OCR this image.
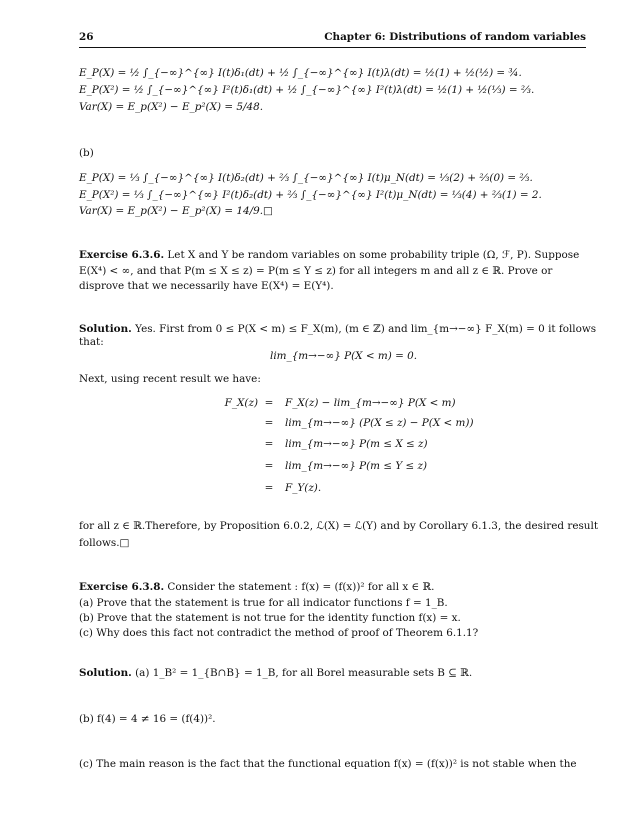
26	Chapter 6: Distributions of random variables
E_P(X) = ½ ∫_{−∞}^{∞} I(t)δ₁(dt) + ½ ∫_{−∞}^{∞} I(t)λ(dt) = ½(1) + ½(½) = ¾.
E_P(X²) = ½ ∫_{−∞}^{∞} I²(t)δ₁(dt) + ½ ∫_{−∞}^{∞} I²(t)λ(dt) = ½(1) + ½(⅓) = ⅔.
Var(X) = E_p(X²) − E_p²(X) = 5/48.
(b)
E_P(X) = ⅓ ∫_{−∞}^{∞} I(t)δ₂(dt) + ⅔ ∫_{−∞}^{∞} I(t)μ_N(dt) = ⅓(2) + ⅔(0) = ⅔.
E_P(X²) = ⅓ ∫_{−∞}^{∞} I²(t)δ₂(dt) + ⅔ ∫_{−∞}^{∞} I²(t)μ_N(dt) = ⅓(4) + ⅔(1) = 2.
Var(X) = E_p(X²) − E_p²(X) = 14/9.□
Exercise 6.3.6. Let X and Y be random variables on some probability triple (Ω, ℱ, P). Suppose
E(X⁴) < ∞, and that P(m ≤ X ≤ z) = P(m ≤ Y ≤ z) for all integers m and all z ∈ ℝ. Prove or
disprove that we necessarily have E(X⁴) = E(Y⁴).
Solution. Yes. First from 0 ≤ P(X < m) ≤ F_X(m), (m ∈ ℤ) and lim_{m→−∞} F_X(m) = 0 it follows
that:
lim_{m→−∞} P(X < m) = 0.
Next, using recent result we have:
F_X(z) = F_X(z) − lim_{m→−∞} P(X < m)
= lim_{m→−∞} (P(X ≤ z) − P(X < m))
= lim_{m→−∞} P(m ≤ X ≤ z)
= lim_{m→−∞} P(m ≤ Y ≤ z)
= F_Y(z).
for all z ∈ ℝ.Therefore, by Proposition 6.0.2, ℒ(X) = ℒ(Y) and by Corollary 6.1.3, the desired result
follows.□
Exercise 6.3.8. Consider the statement : f(x) = (f(x))² for all x ∈ ℝ.
(a) Prove that the statement is true for all indicator functions f = 1_B.
(b) Prove that the statement is not true for the identity function f(x) = x.
(c) Why does this fact not contradict the method of proof of Theorem 6.1.1?
Solution. (a) 1_B² = 1_{B∩B} = 1_B, for all Borel measurable sets B ⊆ ℝ.
(b) f(4) = 4 ≠ 16 = (f(4))².
(c) The main reason is the fact that the functional equation f(x) = (f(x))² is not stable when the
